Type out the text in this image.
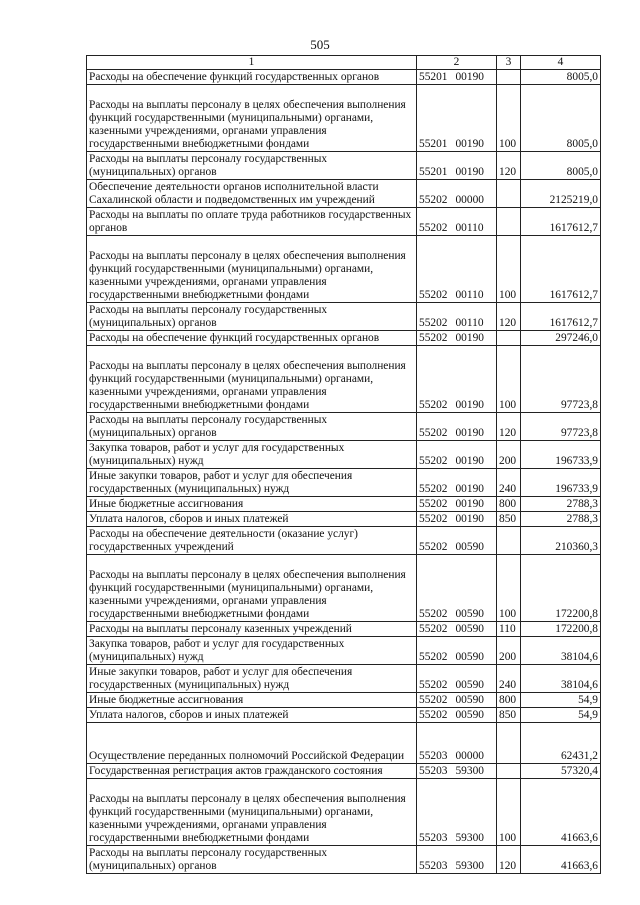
505
1	2	3	4
Расходы на обеспечение функций государственных органов	55201 00190		8005,0
Расходы на выплаты персоналу в целях обеспечения выполнения функций государственными (муниципальными) органами, казенными учреждениями, органами управления государственными внебюджетными фондами	55201 00190	100	8005,0
Расходы на выплаты персоналу государственных (муниципальных) органов	55201 00190	120	8005,0
Обеспечение деятельности органов исполнительной власти Сахалинской области и подведомственных им учреждений	55202 00000		2125219,0
Расходы на выплаты по оплате труда работников государственных органов	55202 00110		1617612,7
Расходы на выплаты персоналу в целях обеспечения выполнения функций государственными (муниципальными) органами, казенными учреждениями, органами управления государственными внебюджетными фондами	55202 00110	100	1617612,7
Расходы на выплаты персоналу государственных (муниципальных) органов	55202 00110	120	1617612,7
Расходы на обеспечение функций государственных органов	55202 00190		297246,0
Расходы на выплаты персоналу в целях обеспечения выполнения функций государственными (муниципальными) органами, казенными учреждениями, органами управления государственными внебюджетными фондами	55202 00190	100	97723,8
Расходы на выплаты персоналу государственных (муниципальных) органов	55202 00190	120	97723,8
Закупка товаров, работ и услуг для государственных (муниципальных) нужд	55202 00190	200	196733,9
Иные закупки товаров, работ и услуг для обеспечения государственных (муниципальных) нужд	55202 00190	240	196733,9
Иные бюджетные ассигнования	55202 00190	800	2788,3
Уплата налогов, сборов и иных платежей	55202 00190	850	2788,3
Расходы на обеспечение деятельности (оказание услуг) государственных учреждений	55202 00590		210360,3
Расходы на выплаты персоналу в целях обеспечения выполнения функций государственными (муниципальными) органами, казенными учреждениями, органами управления государственными внебюджетными фондами	55202 00590	100	172200,8
Расходы на выплаты персоналу казенных учреждений	55202 00590	110	172200,8
Закупка товаров, работ и услуг для государственных (муниципальных) нужд	55202 00590	200	38104,6
Иные закупки товаров, работ и услуг для обеспечения государственных (муниципальных) нужд	55202 00590	240	38104,6
Иные бюджетные ассигнования	55202 00590	800	54,9
Уплата налогов, сборов и иных платежей	55202 00590	850	54,9
Осуществление переданных полномочий Российской Федерации	55203 00000		62431,2
Государственная регистрация актов гражданского состояния	55203 59300		57320,4
Расходы на выплаты персоналу в целях обеспечения выполнения функций государственными (муниципальными) органами, казенными учреждениями, органами управления государственными внебюджетными фондами	55203 59300	100	41663,6
Расходы на выплаты персоналу государственных (муниципальных) органов	55203 59300	120	41663,6
